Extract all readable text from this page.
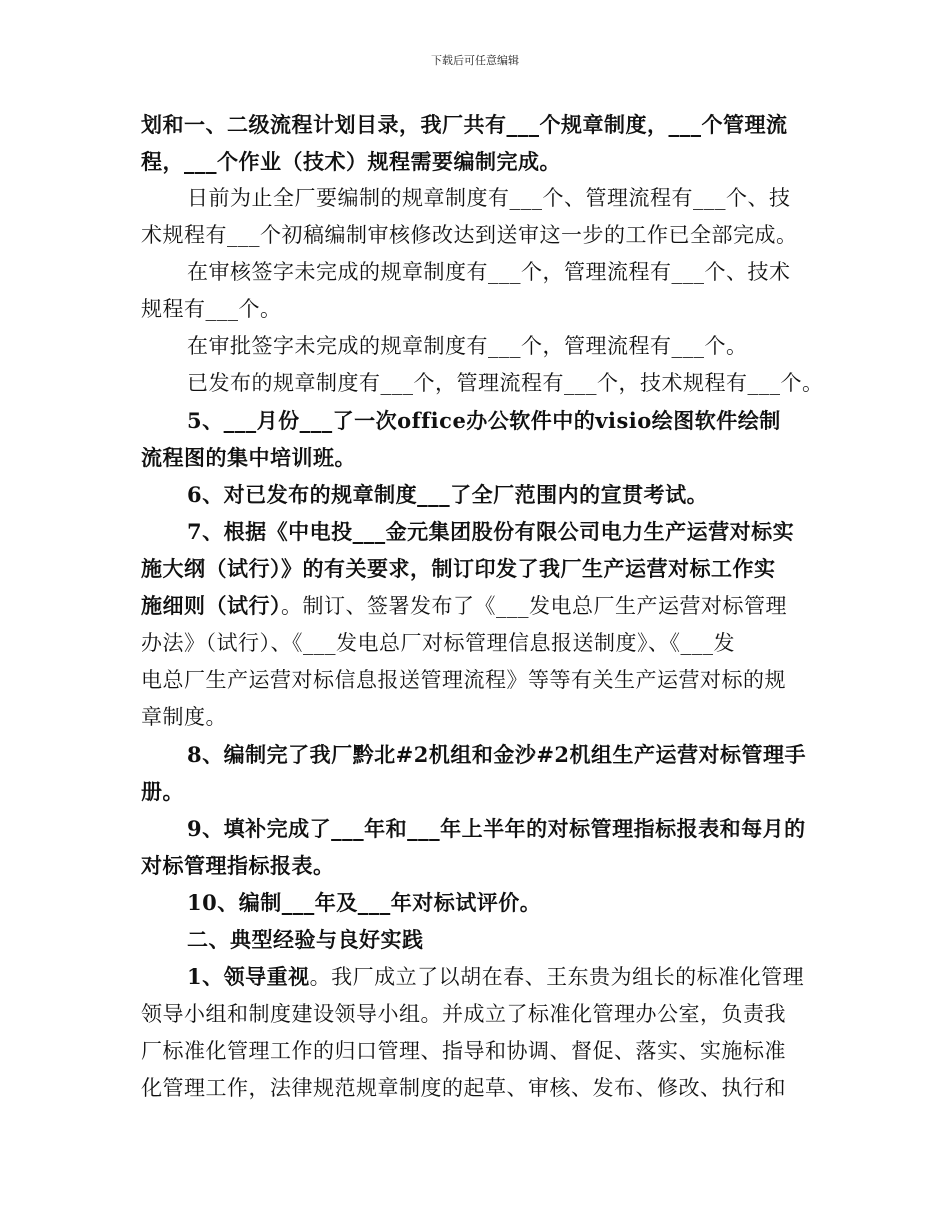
下载后可任意编辑

划和一、二级流程计划目录，我厂共有___个规章制度，___个管理流
程，___个作业（技术）规程需要编制完成。

日前为止全厂要编制的规章制度有___个、管理流程有___个、技
术规程有___个初稿编制审核修改达到送审这一步的工作已全部完成。

在审核签字未完成的规章制度有___个，管理流程有___个、技术
规程有___个。

在审批签字未完成的规章制度有___个，管理流程有___个。

已发布的规章制度有___个，管理流程有___个，技术规程有___个。

5、___月份___了一次office办公软件中的visio绘图软件绘制
流程图的集中培训班。

6、对已发布的规章制度___了全厂范围内的宣贯考试。

7、根据《中电投___金元集团股份有限公司电力生产运营对标实
施大纲（试行）》的有关要求，制订印发了我厂生产运营对标工作实
施细则（试行）。制订、签署发布了《___发电总厂生产运营对标管理
办法》（试行）、《___发电总厂对标管理信息报送制度》、《___发
电总厂生产运营对标信息报送管理流程》等等有关生产运营对标的规
章制度。

8、编制完了我厂黔北#2机组和金沙#2机组生产运营对标管理手
册。

9、填补完成了___年和___年上半年的对标管理指标报表和每月的
对标管理指标报表。

10、编制___年及___年对标试评价。

二、典型经验与良好实践

1、领导重视。我厂成立了以胡在春、王东贵为组长的标准化管理
领导小组和制度建设领导小组。并成立了标准化管理办公室，负责我
厂标准化管理工作的归口管理、指导和协调、督促、落实、实施标准
化管理工作，法律规范规章制度的起草、审核、发布、修改、执行和
